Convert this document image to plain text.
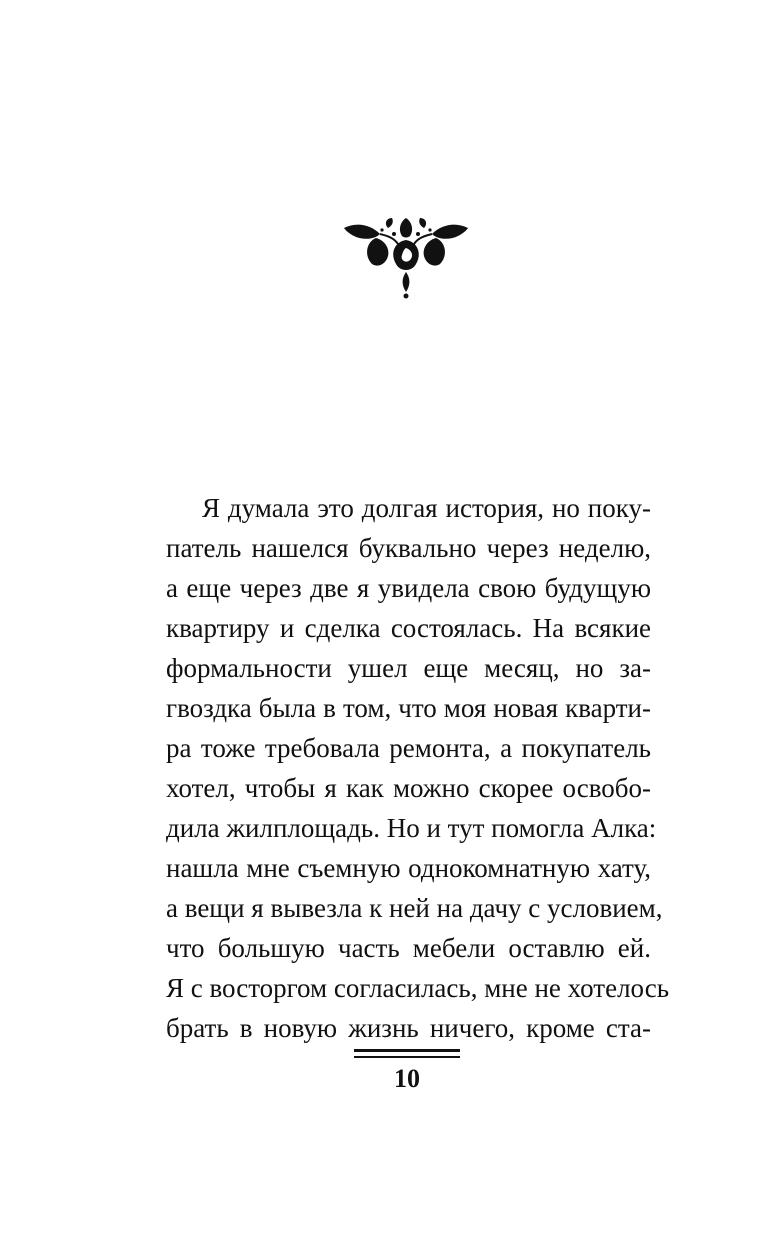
Я думала это долгая история, но поку-
патель нашелся буквально через неделю,
а еще через две я увидела свою будущую
квартиру и сделка состоялась. На всякие
формальности ушел еще месяц, но за-
гвоздка была в том, что моя новая кварти-
ра тоже требовала ремонта, а покупатель
хотел, чтобы я как можно скорее освобо-
дила жилплощадь. Но и тут помогла Алка:
нашла мне съемную однокомнатную хату,
а вещи я вывезла к ней на дачу с условием,
что большую часть мебели оставлю ей.
Я с восторгом согласилась, мне не хотелось
брать в новую жизнь ничего, кроме ста-
10
